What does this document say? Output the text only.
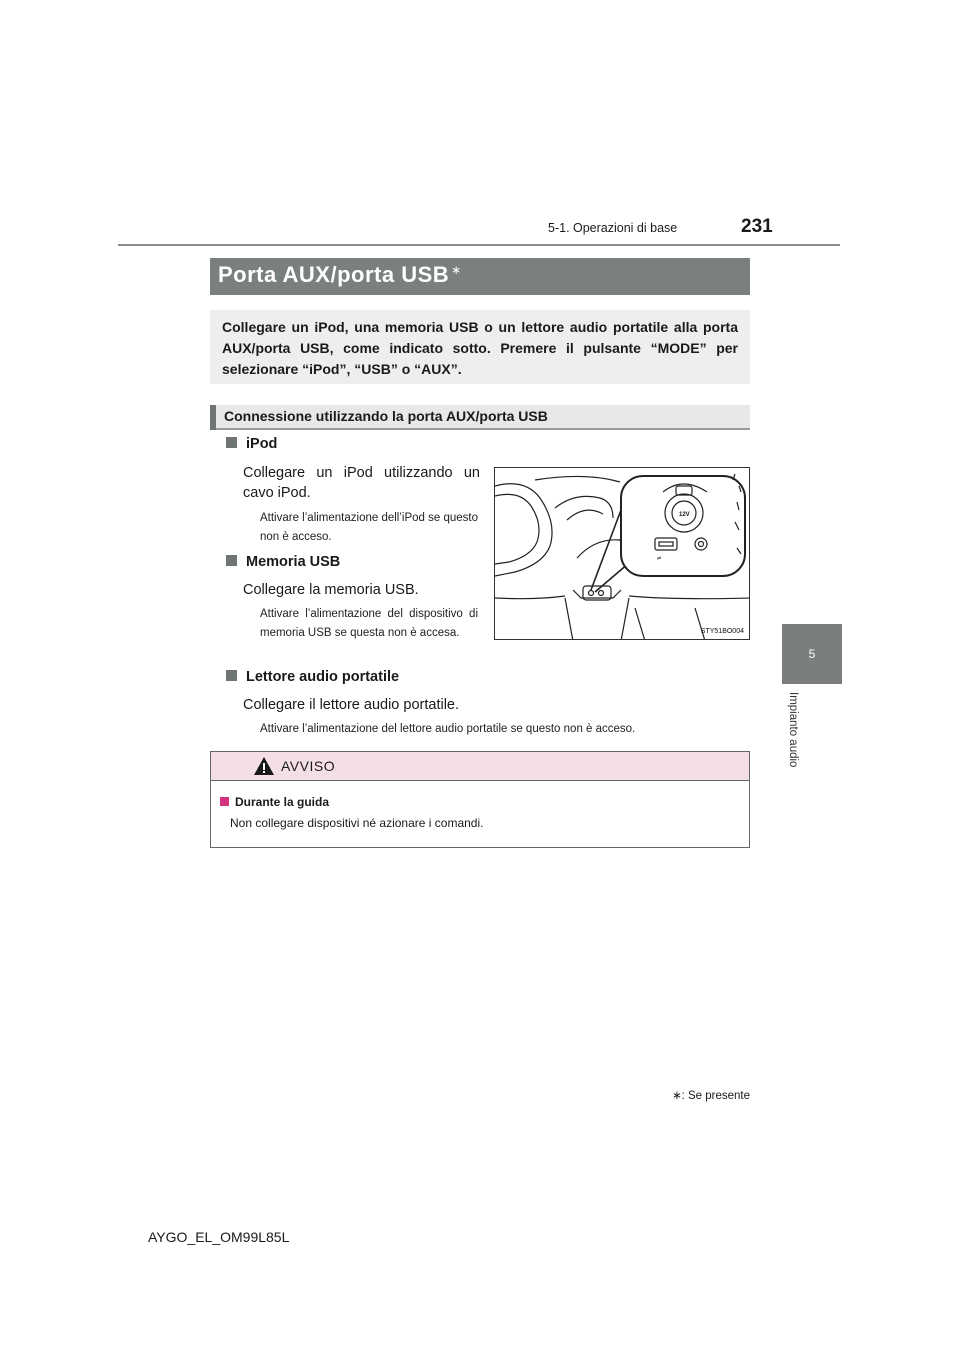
5-1. Operazioni di base	231
5
Impianto audio
Porta AUX/porta USB ∗

Collegare un iPod, una memoria USB o un lettore audio portatile alla porta AUX/porta USB, come indicato sotto. Premere il pulsante “MODE” per selezionare “iPod”, “USB” o “AUX”.

Connessione utilizzando la porta AUX/porta USB
iPod
Collegare un iPod utilizzando un cavo iPod.
Attivare l’alimentazione dell’iPod se questo non è acceso.
Memoria USB
Collegare la memoria USB.
Attivare l’alimentazione del dispositivo di memoria USB se questa non è accesa.
Lettore audio portatile
Collegare il lettore audio portatile.
Attivare l’alimentazione del lettore audio portatile se questo non è acceso.
12V
⇌
STY51BO004
AVVISO
Durante la guida
Non collegare dispositivi né azionare i comandi.
∗: Se presente
AYGO_EL_OM99L85L
